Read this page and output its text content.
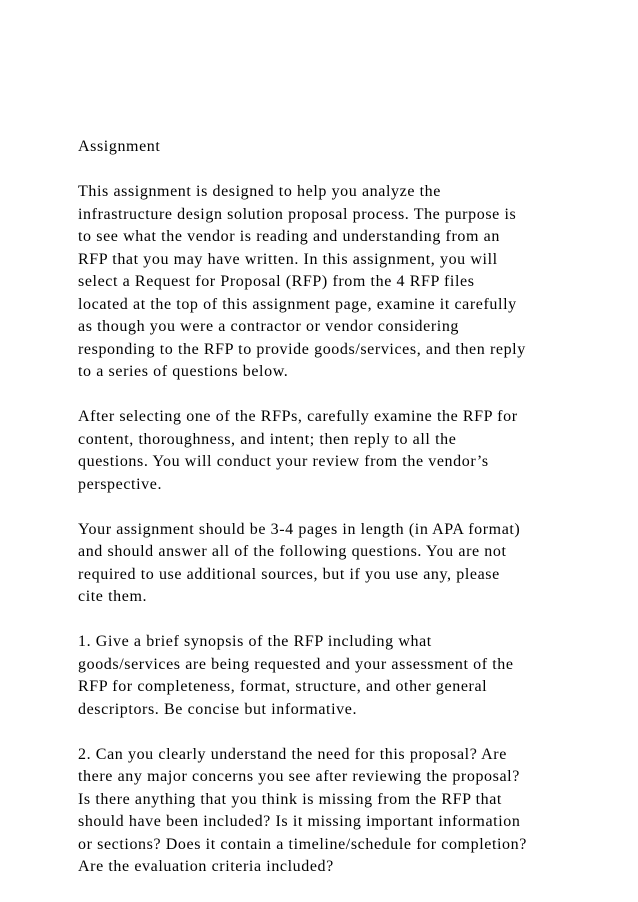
Assignment
This assignment is designed to help you analyze the
infrastructure design solution proposal process. The purpose is
to see what the vendor is reading and understanding from an
RFP that you may have written. In this assignment, you will
select a Request for Proposal (RFP) from the 4 RFP files
located at the top of this assignment page, examine it carefully
as though you were a contractor or vendor considering
responding to the RFP to provide goods/services, and then reply
to a series of questions below.
After selecting one of the RFPs, carefully examine the RFP for
content, thoroughness, and intent; then reply to all the
questions. You will conduct your review from the vendor’s
perspective.
Your assignment should be 3-4 pages in length (in APA format)
and should answer all of the following questions. You are not
required to use additional sources, but if you use any, please
cite them.
1. Give a brief synopsis of the RFP including what
goods/services are being requested and your assessment of the
RFP for completeness, format, structure, and other general
descriptors. Be concise but informative.
2. Can you clearly understand the need for this proposal? Are
there any major concerns you see after reviewing the proposal?
Is there anything that you think is missing from the RFP that
should have been included? Is it missing important information
or sections? Does it contain a timeline/schedule for completion?
Are the evaluation criteria included?
